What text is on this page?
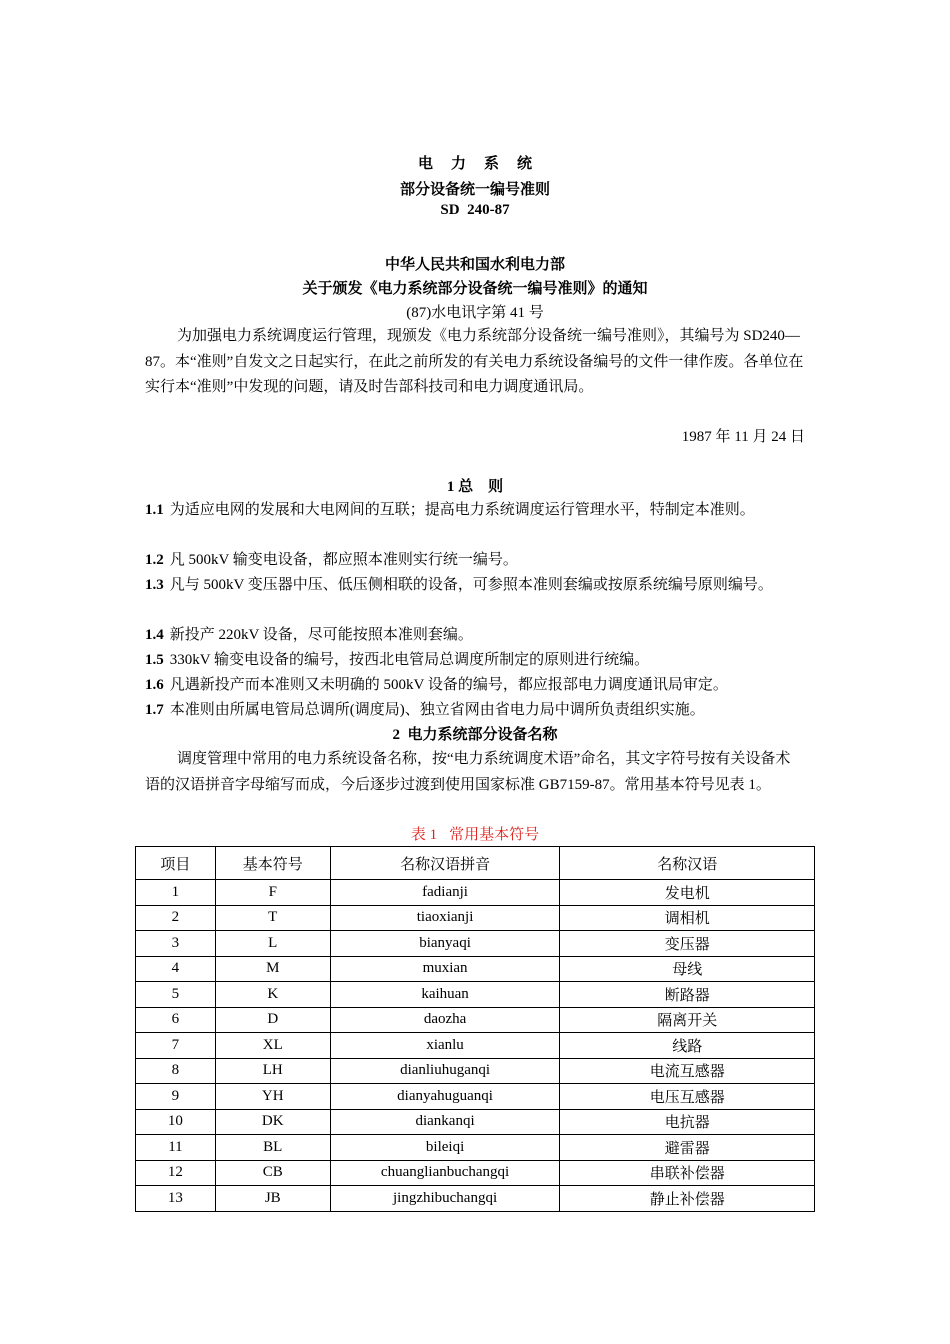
电 力 系 统
部分设备统一编号准则
SD  240-87
中华人民共和国水利电力部
关于颁发《电力系统部分设备统一编号准则》的通知
(87)水电讯字第 41 号
为加强电力系统调度运行管理，现颁发《电力系统部分设备统一编号准则》，其编号为 SD240—87。本“准则”自发文之日起实行，在此之前所发的有关电力系统设备编号的文件一律作废。各单位在实行本“准则”中发现的问题，请及时告部科技司和电力调度通讯局。
1987 年 11 月 24 日
1 总    则
1.1 为适应电网的发展和大电网间的互联；提高电力系统调度运行管理水平，特制定本准则。
1.2 凡 500kV 输变电设备，都应照本准则实行统一编号。
1.3 凡与 500kV 变压器中压、低压侧相联的设备，可参照本准则套编或按原系统编号原则编号。
1.4 新投产 220kV 设备，尽可能按照本准则套编。
1.5 330kV 输变电设备的编号，按西北电管局总调度所制定的原则进行统编。
1.6 凡遇新投产而本准则又未明确的 500kV 设备的编号，都应报部电力调度通讯局审定。
1.7 本准则由所属电管局总调所(调度局)、独立省网由省电力局中调所负责组织实施。
2  电力系统部分设备名称
调度管理中常用的电力系统设备名称，按“电力系统调度术语”命名，其文字符号按有关设备术语的汉语拼音字母缩写而成，今后逐步过渡到使用国家标准 GB7159-87。常用基本符号见表 1。
表 1 常用基本符号
项目	基本符号	名称汉语拼音	名称汉语
1	F	fadianji	发电机
2	T	tiaoxianji	调相机
3	L	bianyaqi	变压器
4	M	muxian	母线
5	K	kaihuan	断路器
6	D	daozha	隔离开关
7	XL	xianlu	线路
8	LH	dianliuhuganqi	电流互感器
9	YH	dianyahuguanqi	电压互感器
10	DK	diankanqi	电抗器
11	BL	bileiqi	避雷器
12	CB	chuanglianbuchangqi	串联补偿器
13	JB	jingzhibuchangqi	静止补偿器
